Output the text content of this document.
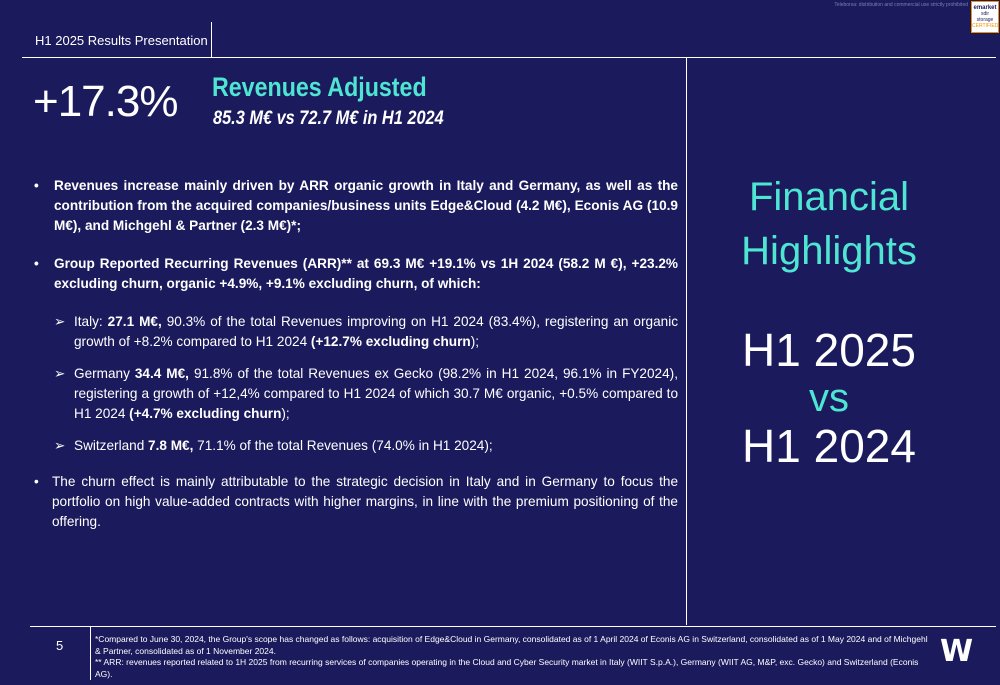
Teleborsa: distribution and commercial use strictly prohibited emarket
sdir storage
CERTIFIED
H1 2025 Results Presentation
+17.3% Revenues Adjusted
85.3 M€ vs 72.7 M€ in H1 2024
• Revenues increase mainly driven by ARR organic growth in Italy and Germany, as well as the contribution from the acquired companies/business units Edge&Cloud (4.2 M€), Econis AG (10.9 M€), and Michgehl & Partner (2.3 M€)*;
• Group Reported Recurring Revenues (ARR)** at 69.3 M€ +19.1% vs 1H 2024 (58.2 M €), +23.2% excluding churn, organic +4.9%, +9.1% excluding churn, of which:
➢ Italy: 27.1 M€, 90.3% of the total Revenues improving on H1 2024 (83.4%), registering an organic growth of +8.2% compared to H1 2024 (+12.7% excluding churn);
➢ Germany 34.4 M€, 91.8% of the total Revenues ex Gecko (98.2% in H1 2024, 96.1% in FY2024), registering a growth of +12,4% compared to H1 2024 of which 30.7 M€ organic, +0.5% compared to H1 2024 (+4.7% excluding churn);
➢ Switzerland 7.8 M€, 71.1% of the total Revenues (74.0% in H1 2024);
• The churn effect is mainly attributable to the strategic decision in Italy and in Germany to focus the portfolio on high value-added contracts with higher margins, in line with the premium positioning of the offering.
Financial
Highlights
H1 2025
vs
H1 2024
5	*Compared to June 30, 2024, the Group's scope has changed as follows: acquisition of Edge&Cloud in Germany, consolidated as of 1 April 2024 of Econis AG in Switzerland, consolidated as of 1 May 2024 and of Michgehl & Partner, consolidated as of 1 November 2024.
** ARR: revenues reported related to 1H 2025 from recurring services of companies operating in the Cloud and Cyber Security market in Italy (WIIT S.p.A.), Germany (WIIT AG, M&P, exc. Gecko) and Switzerland (Econis AG).
W
